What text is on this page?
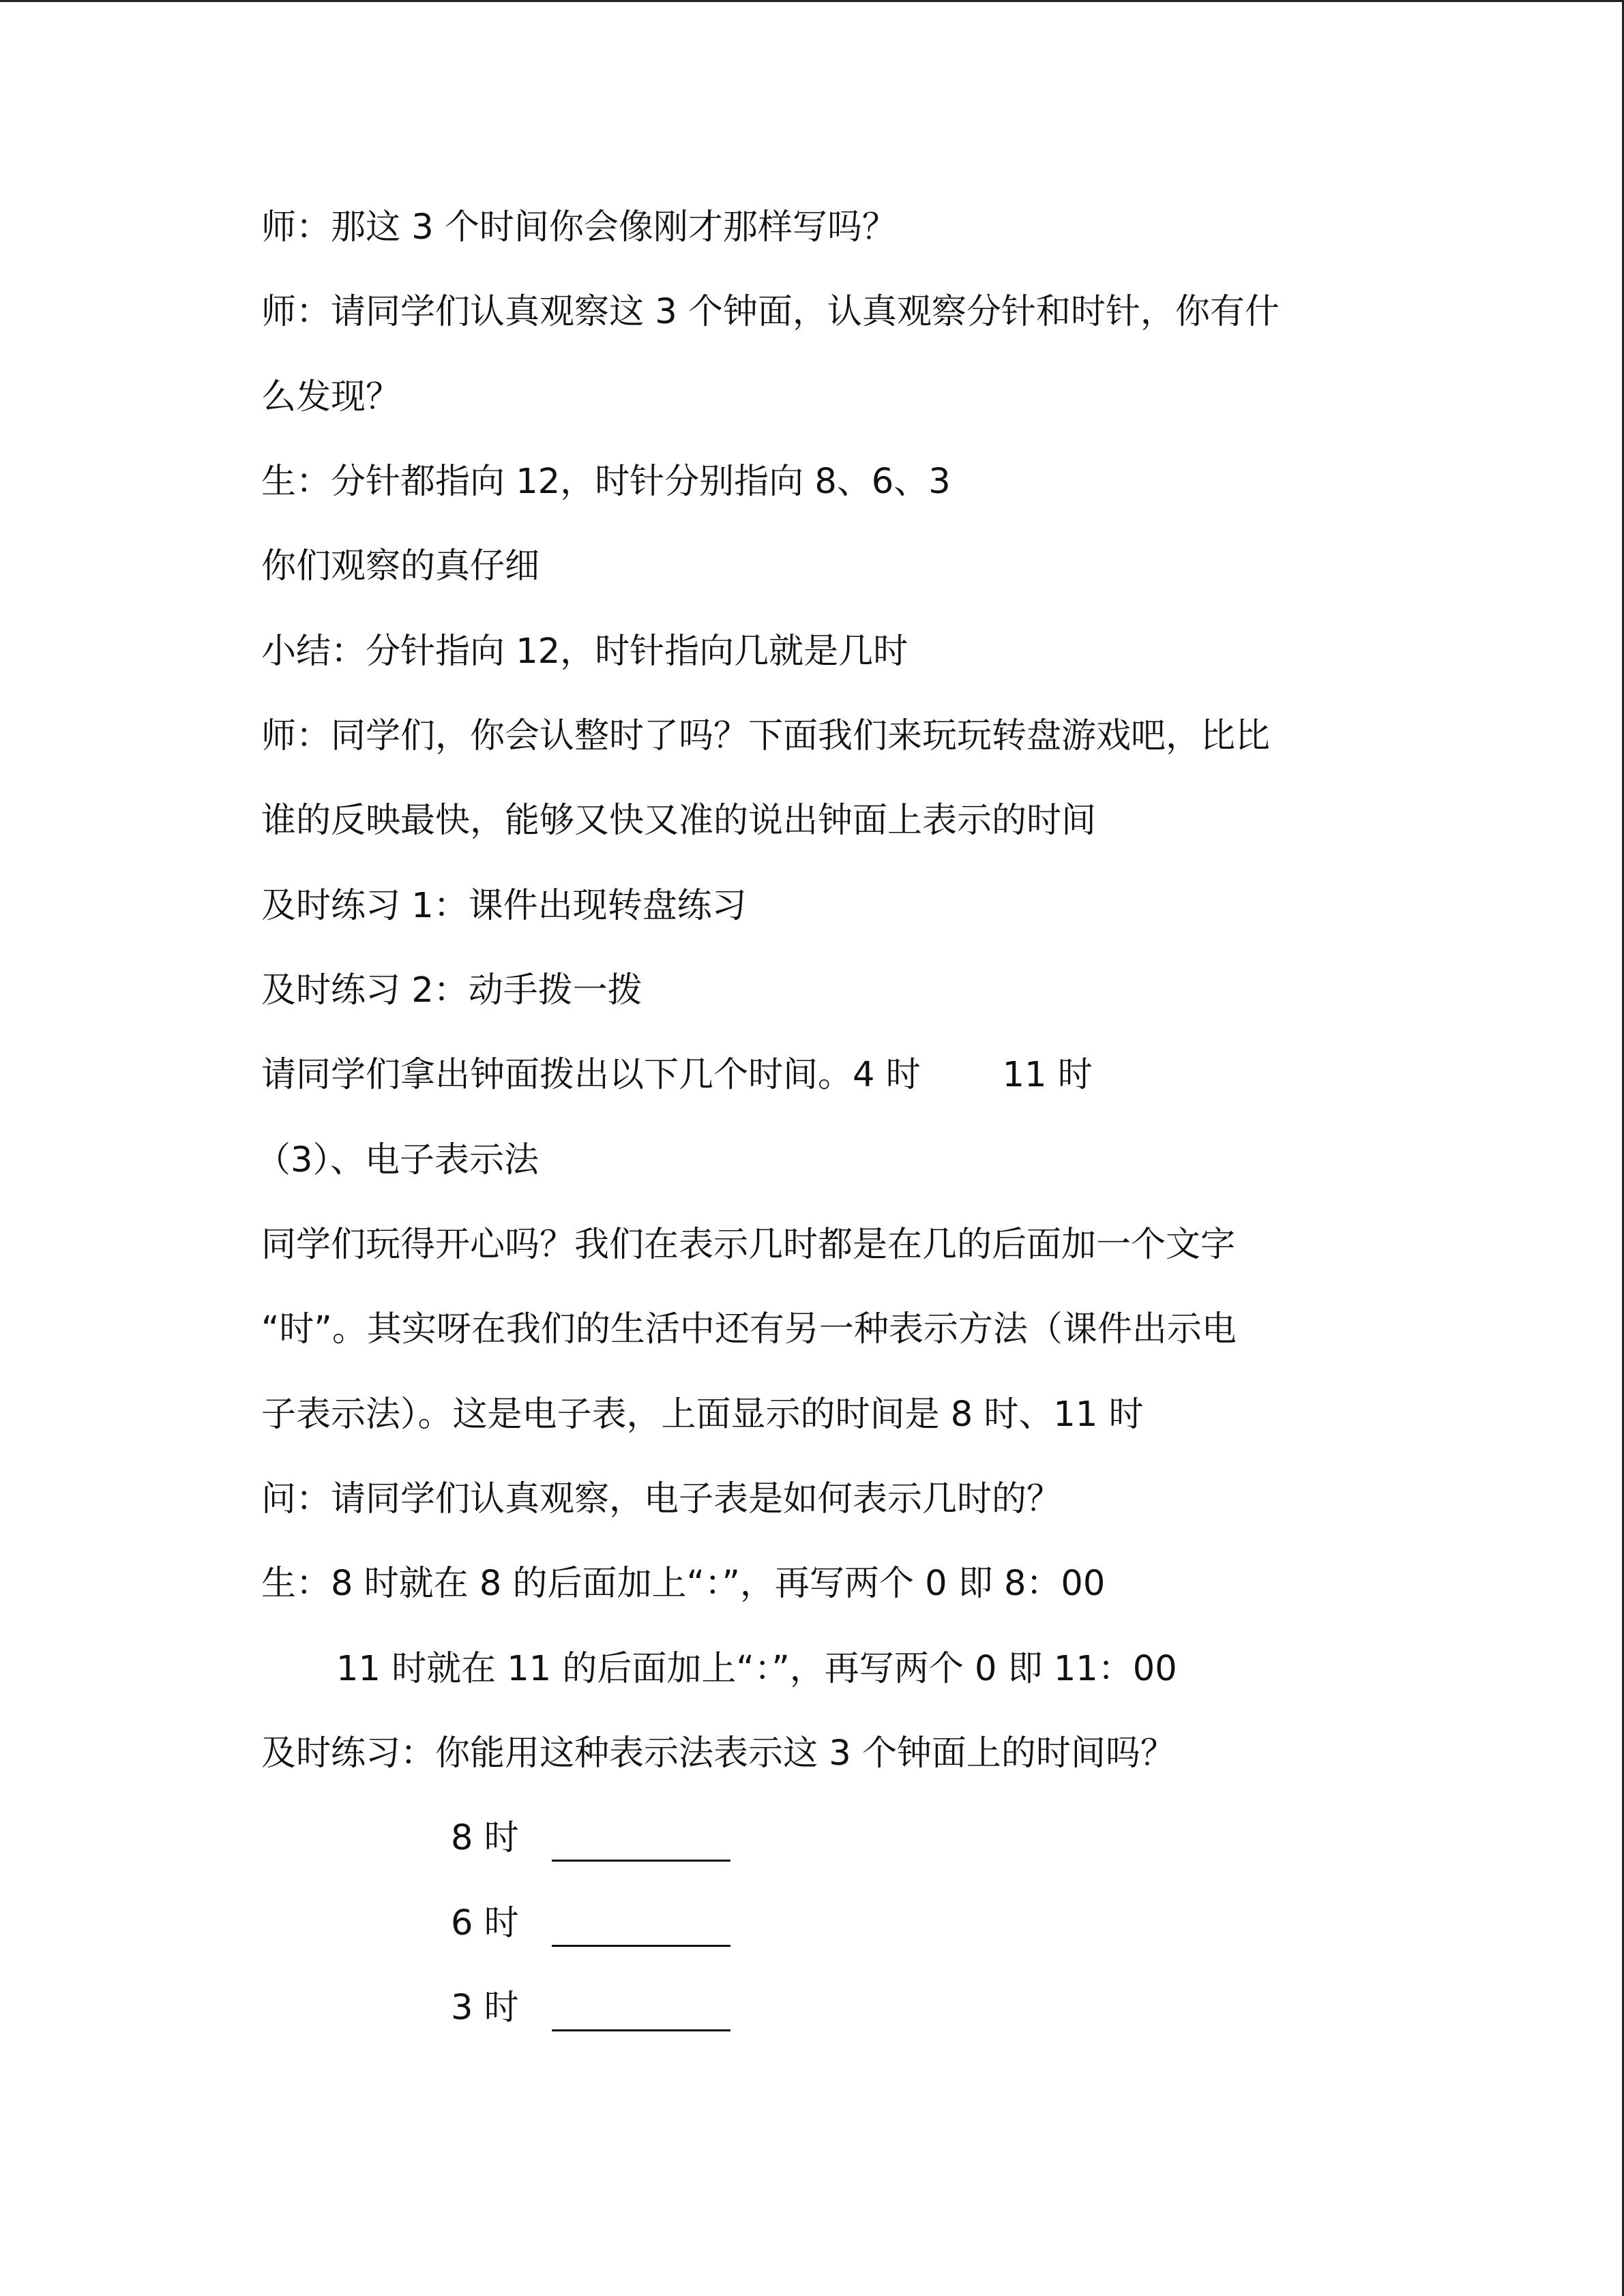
师：那这 3 个时间你会像刚才那样写吗？
师：请同学们认真观察这 3 个钟面，认真观察分针和时针，你有什
么发现？
生：分针都指向 12，时针分别指向 8、6、3
你们观察的真仔细
小结：分针指向 12，时针指向几就是几时
师：同学们，你会认整时了吗？下面我们来玩玩转盘游戏吧，比比
谁的反映最快，能够又快又准的说出钟面上表示的时间
及时练习 1：课件出现转盘练习
及时练习 2：动手拨一拨
请同学们拿出钟面拨出以下几个时间。4 时 11 时
（3）、电子表示法
同学们玩得开心吗？我们在表示几时都是在几的后面加一个文字
“时”。其实呀在我们的生活中还有另一种表示方法（课件出示电
子表示法）。这是电子表，上面显示的时间是 8 时、11 时
问：请同学们认真观察，电子表是如何表示几时的？
生：8 时就在 8 的后面加上“：”，再写两个 0 即 8：00
11 时就在 11 的后面加上“：”，再写两个 0 即 11：00
及时练习：你能用这种表示法表示这 3 个钟面上的时间吗？
8 时
6 时
3 时
